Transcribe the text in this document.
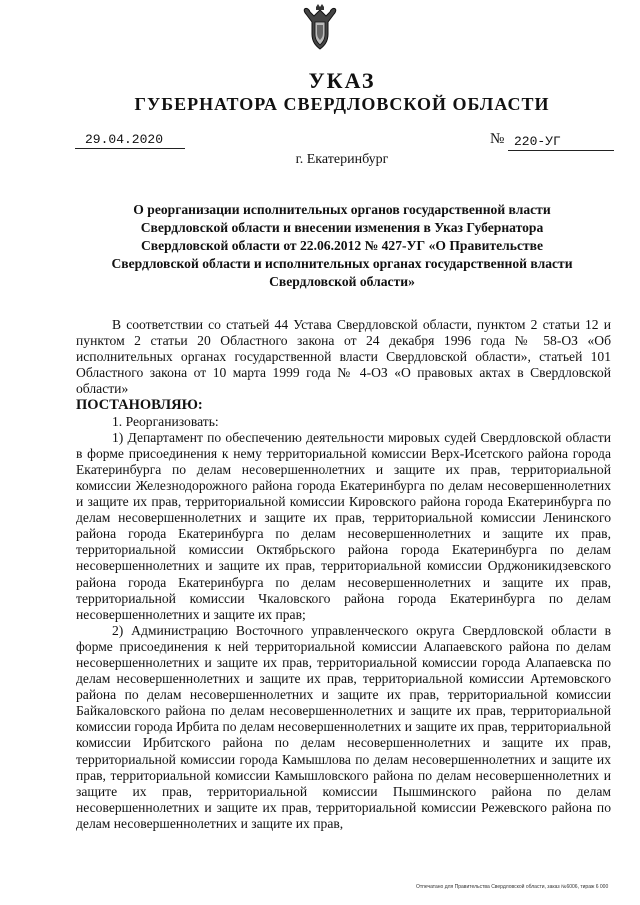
УКАЗ
ГУБЕРНАТОРА СВЕРДЛОВСКОЙ ОБЛАСТИ
29.04.2020	№ 220-УГ
г. Екатеринбург
О реорганизации исполнительных органов государственной власти Свердловской области и внесении изменения в Указ Губернатора Свердловской области от 22.06.2012 № 427-УГ «О Правительстве Свердловской области и исполнительных органах государственной власти Свердловской области»

В соответствии со статьей 44 Устава Свердловской области, пунктом 2 статьи 12 и пунктом 2 статьи 20 Областного закона от 24 декабря 1996 года № 58-ОЗ «Об исполнительных органах государственной власти Свердловской области», статьей 101 Областного закона от 10 марта 1999 года № 4-ОЗ «О правовых актах в Свердловской области»

ПОСТАНОВЛЯЮ:

1. Реорганизовать:

1) Департамент по обеспечению деятельности мировых судей Свердловской области в форме присоединения к нему территориальной комиссии Верх-Исетского района города Екатеринбурга по делам несовершеннолетних и защите их прав, территориальной комиссии Железнодорожного района города Екатеринбурга по делам несовершеннолетних и защите их прав, территориальной комиссии Кировского района города Екатеринбурга по делам несовершеннолетних и защите их прав, территориальной комиссии Ленинского района города Екатеринбурга по делам несовершеннолетних и защите их прав, территориальной комиссии Октябрьского района города Екатеринбурга по делам несовершеннолетних и защите их прав, территориальной комиссии Орджоникидзевского района города Екатеринбурга по делам несовершеннолетних и защите их прав, территориальной комиссии Чкаловского района города Екатеринбурга по делам несовершеннолетних и защите их прав;

2) Администрацию Восточного управленческого округа Свердловской области в форме присоединения к ней территориальной комиссии Алапаевского района по делам несовершеннолетних и защите их прав, территориальной комиссии города Алапаевска по делам несовершеннолетних и защите их прав, территориальной комиссии Артемовского района по делам несовершеннолетних и защите их прав, территориальной комиссии Байкаловского района по делам несовершеннолетних и защите их прав, территориальной комиссии города Ирбита по делам несовершеннолетних и защите их прав, территориальной комиссии Ирбитского района по делам несовершеннолетних и защите их прав, территориальной комиссии города Камышлова по делам несовершеннолетних и защите их прав, территориальной комиссии Камышловского района по делам несовершеннолетних и защите их прав, территориальной комиссии Пышминского района по делам несовершеннолетних и защите их прав, территориальной комиссии Режевского района по делам несовершеннолетних и защите их прав,

Отпечатано для Правительства Свердловской области, заказ №6006, тираж 6 000
